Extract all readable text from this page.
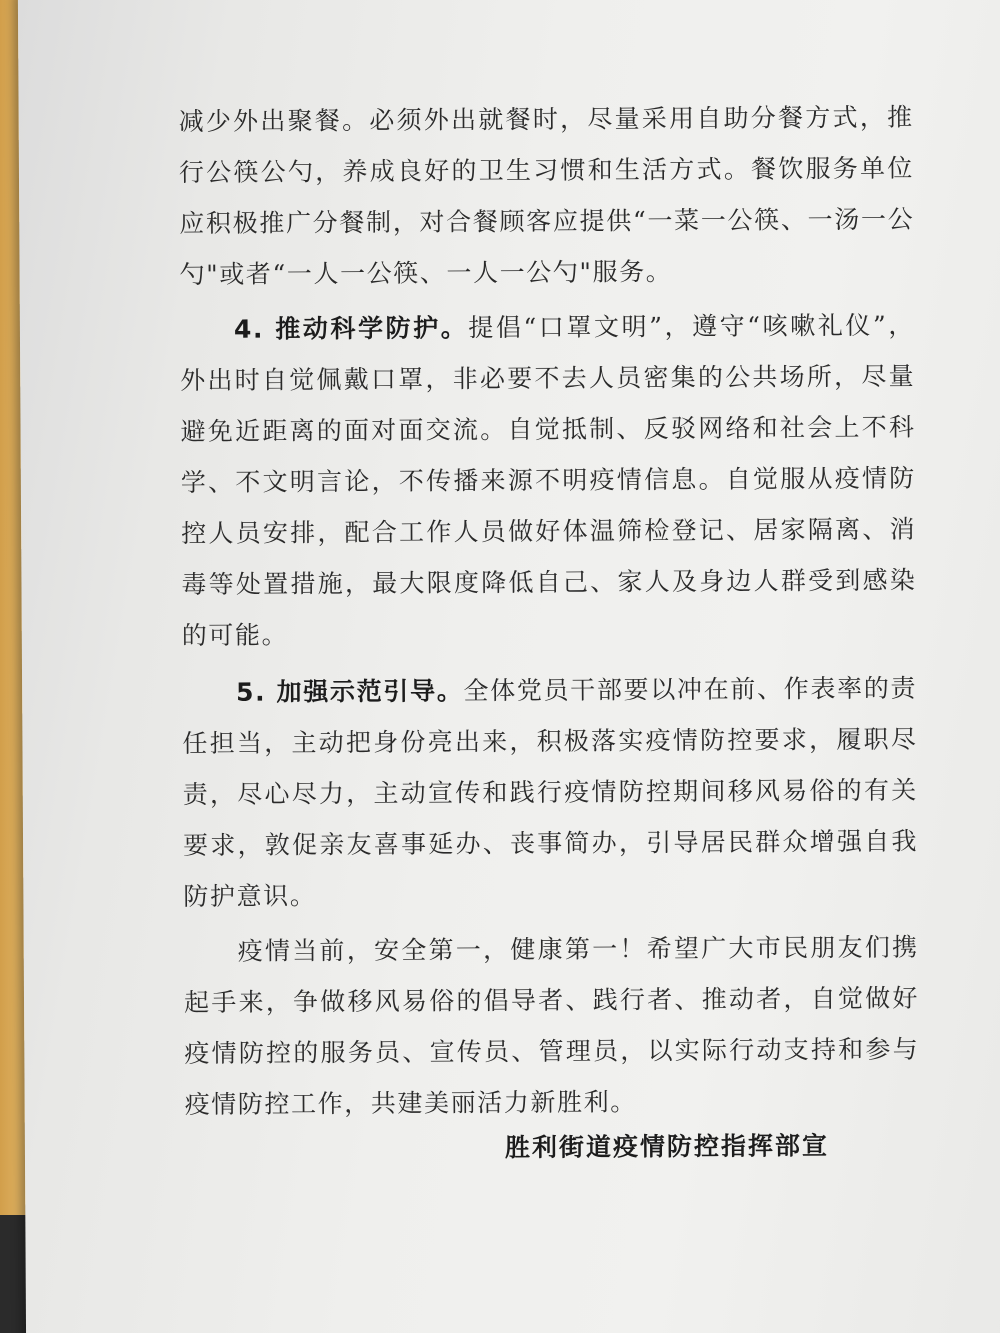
减少外出聚餐。必须外出就餐时，尽量采用自助分餐方式，推行公筷公勺，养成良好的卫生习惯和生活方式。餐饮服务单位应积极推广分餐制，对合餐顾客应提供“一菜一公筷、一汤一公勺"或者“一人一公筷、一人一公勺"服务。

4. 推动科学防护。提倡“口罩文明”，遵守“咳嗽礼仪”，外出时自觉佩戴口罩，非必要不去人员密集的公共场所，尽量避免近距离的面对面交流。自觉抵制、反驳网络和社会上不科学、不文明言论，不传播来源不明疫情信息。自觉服从疫情防控人员安排，配合工作人员做好体温筛检登记、居家隔离、消毒等处置措施，最大限度降低自己、家人及身边人群受到感染的可能。

5. 加强示范引导。全体党员干部要以冲在前、作表率的责任担当，主动把身份亮出来，积极落实疫情防控要求，履职尽责，尽心尽力，主动宣传和践行疫情防控期间移风易俗的有关要求，敦促亲友喜事延办、丧事简办，引导居民群众增强自我防护意识。

疫情当前，安全第一，健康第一！希望广大市民朋友们携起手来，争做移风易俗的倡导者、践行者、推动者，自觉做好疫情防控的服务员、宣传员、管理员，以实际行动支持和参与疫情防控工作，共建美丽活力新胜利。

胜利街道疫情防控指挥部宣
